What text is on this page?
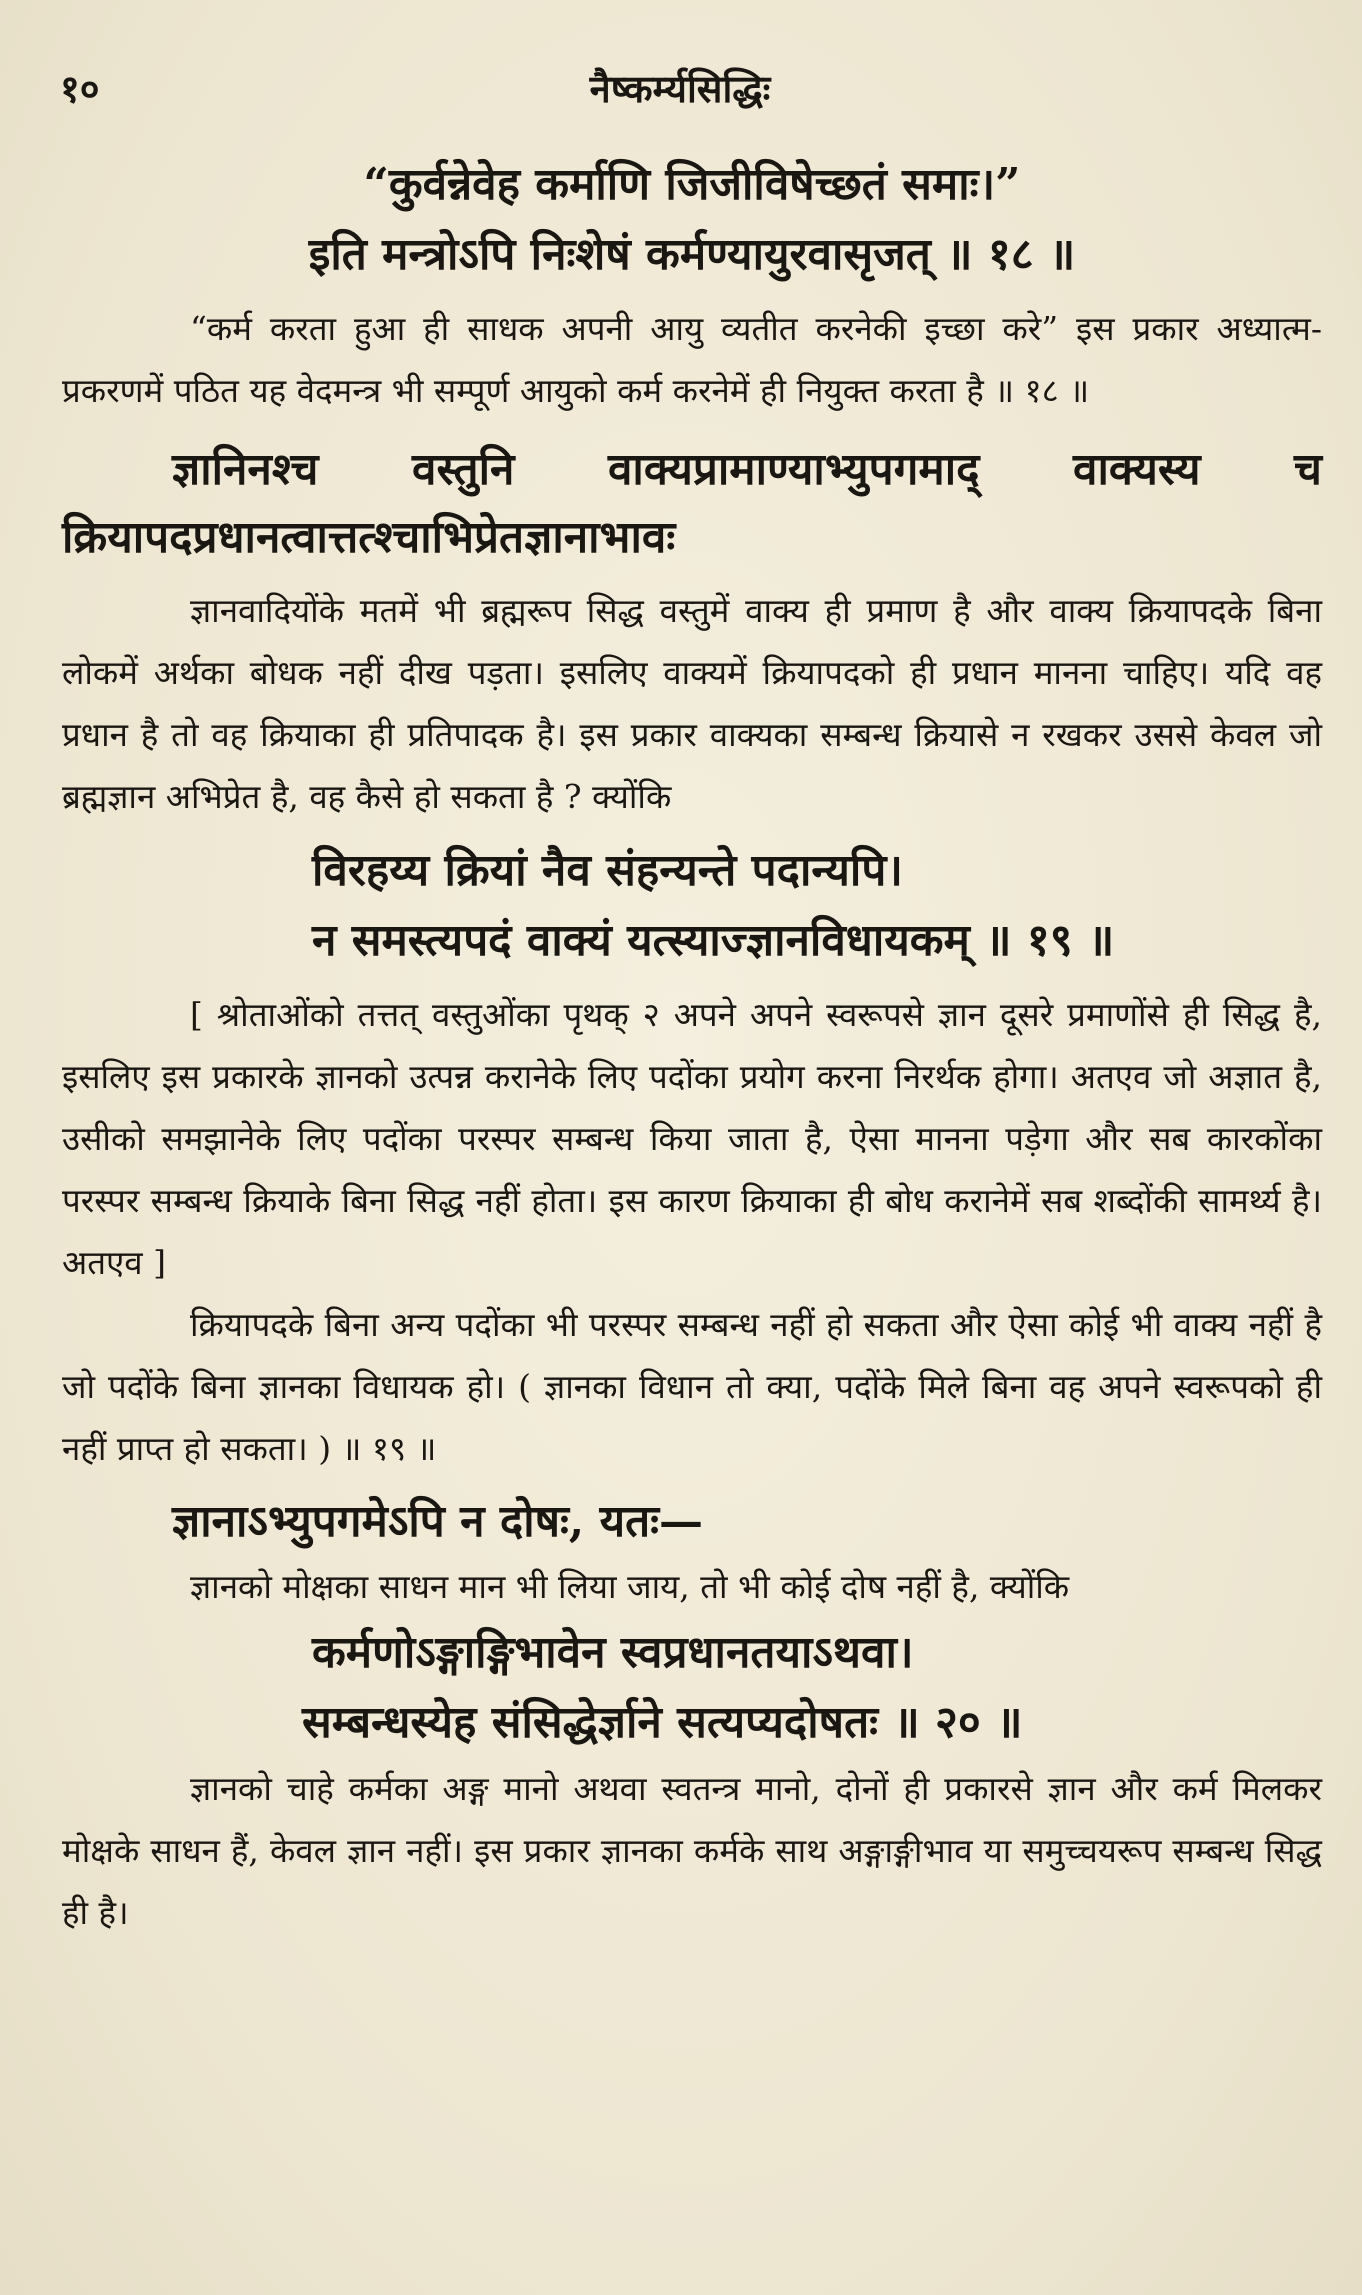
१०	नैष्कर्म्यसिद्धिः

“कुर्वन्नेवेह कर्माणि जिजीविषेच्छतं समाः।”

इति मन्त्रोऽपि निःशेषं कर्मण्यायुरवासृजत् ॥ १८ ॥

“कर्म करता हुआ ही साधक अपनी आयु व्यतीत करनेकी इच्छा करे” इस प्रकार अध्यात्म-प्रकरणमें पठित यह वेदमन्त्र भी सम्पूर्ण आयुको कर्म करनेमें ही नियुक्त करता है ॥ १८ ॥

ज्ञानिनश्च वस्तुनि वाक्यप्रामाण्याभ्युपगमाद् वाक्यस्य च क्रियापदप्रधानत्वात्तत्श्चाभिप्रेतज्ञानाभावः

ज्ञानवादियोंके मतमें भी ब्रह्मरूप सिद्ध वस्तुमें वाक्य ही प्रमाण है और वाक्य क्रियापदके बिना लोकमें अर्थका बोधक नहीं दीख पड़ता। इसलिए वाक्यमें क्रियापदको ही प्रधान मानना चाहिए। यदि वह प्रधान है तो वह क्रियाका ही प्रतिपादक है। इस प्रकार वाक्यका सम्बन्ध क्रियासे न रखकर उससे केवल जो ब्रह्मज्ञान अभिप्रेत है, वह कैसे हो सकता है ? क्योंकि

विरहय्य क्रियां नैव संहन्यन्ते पदान्यपि।

न समस्त्यपदं वाक्यं यत्स्याज्ज्ञानविधायकम् ॥ १९ ॥

[ श्रोताओंको तत्तत् वस्तुओंका पृथक् २ अपने अपने स्वरूपसे ज्ञान दूसरे प्रमाणोंसे ही सिद्ध है, इसलिए इस प्रकारके ज्ञानको उत्पन्न करानेके लिए पदोंका प्रयोग करना निरर्थक होगा। अतएव जो अज्ञात है, उसीको समझानेके लिए पदोंका परस्पर सम्बन्ध किया जाता है, ऐसा मानना पड़ेगा और सब कारकोंका परस्पर सम्बन्ध क्रियाके बिना सिद्ध नहीं होता। इस कारण क्रियाका ही बोध करानेमें सब शब्दोंकी सामर्थ्य है। अतएव ]

क्रियापदके बिना अन्य पदोंका भी परस्पर सम्बन्ध नहीं हो सकता और ऐसा कोई भी वाक्य नहीं है जो पदोंके बिना ज्ञानका विधायक हो। ( ज्ञानका विधान तो क्या, पदोंके मिले बिना वह अपने स्वरूपको ही नहीं प्राप्त हो सकता। ) ॥ १९ ॥

ज्ञानाऽभ्युपगमेऽपि न दोषः, यतः—

ज्ञानको मोक्षका साधन मान भी लिया जाय, तो भी कोई दोष नहीं है, क्योंकि

कर्मणोऽङ्गाङ्गिभावेन स्वप्रधानतयाऽथवा।

सम्बन्धस्येह संसिद्धेर्ज्ञाने सत्यप्यदोषतः ॥ २० ॥

ज्ञानको चाहे कर्मका अङ्ग मानो अथवा स्वतन्त्र मानो, दोनों ही प्रकारसे ज्ञान और कर्म मिलकर मोक्षके साधन हैं, केवल ज्ञान नहीं। इस प्रकार ज्ञानका कर्मके साथ अङ्गाङ्गीभाव या समुच्चयरूप सम्बन्ध सिद्ध ही है।
